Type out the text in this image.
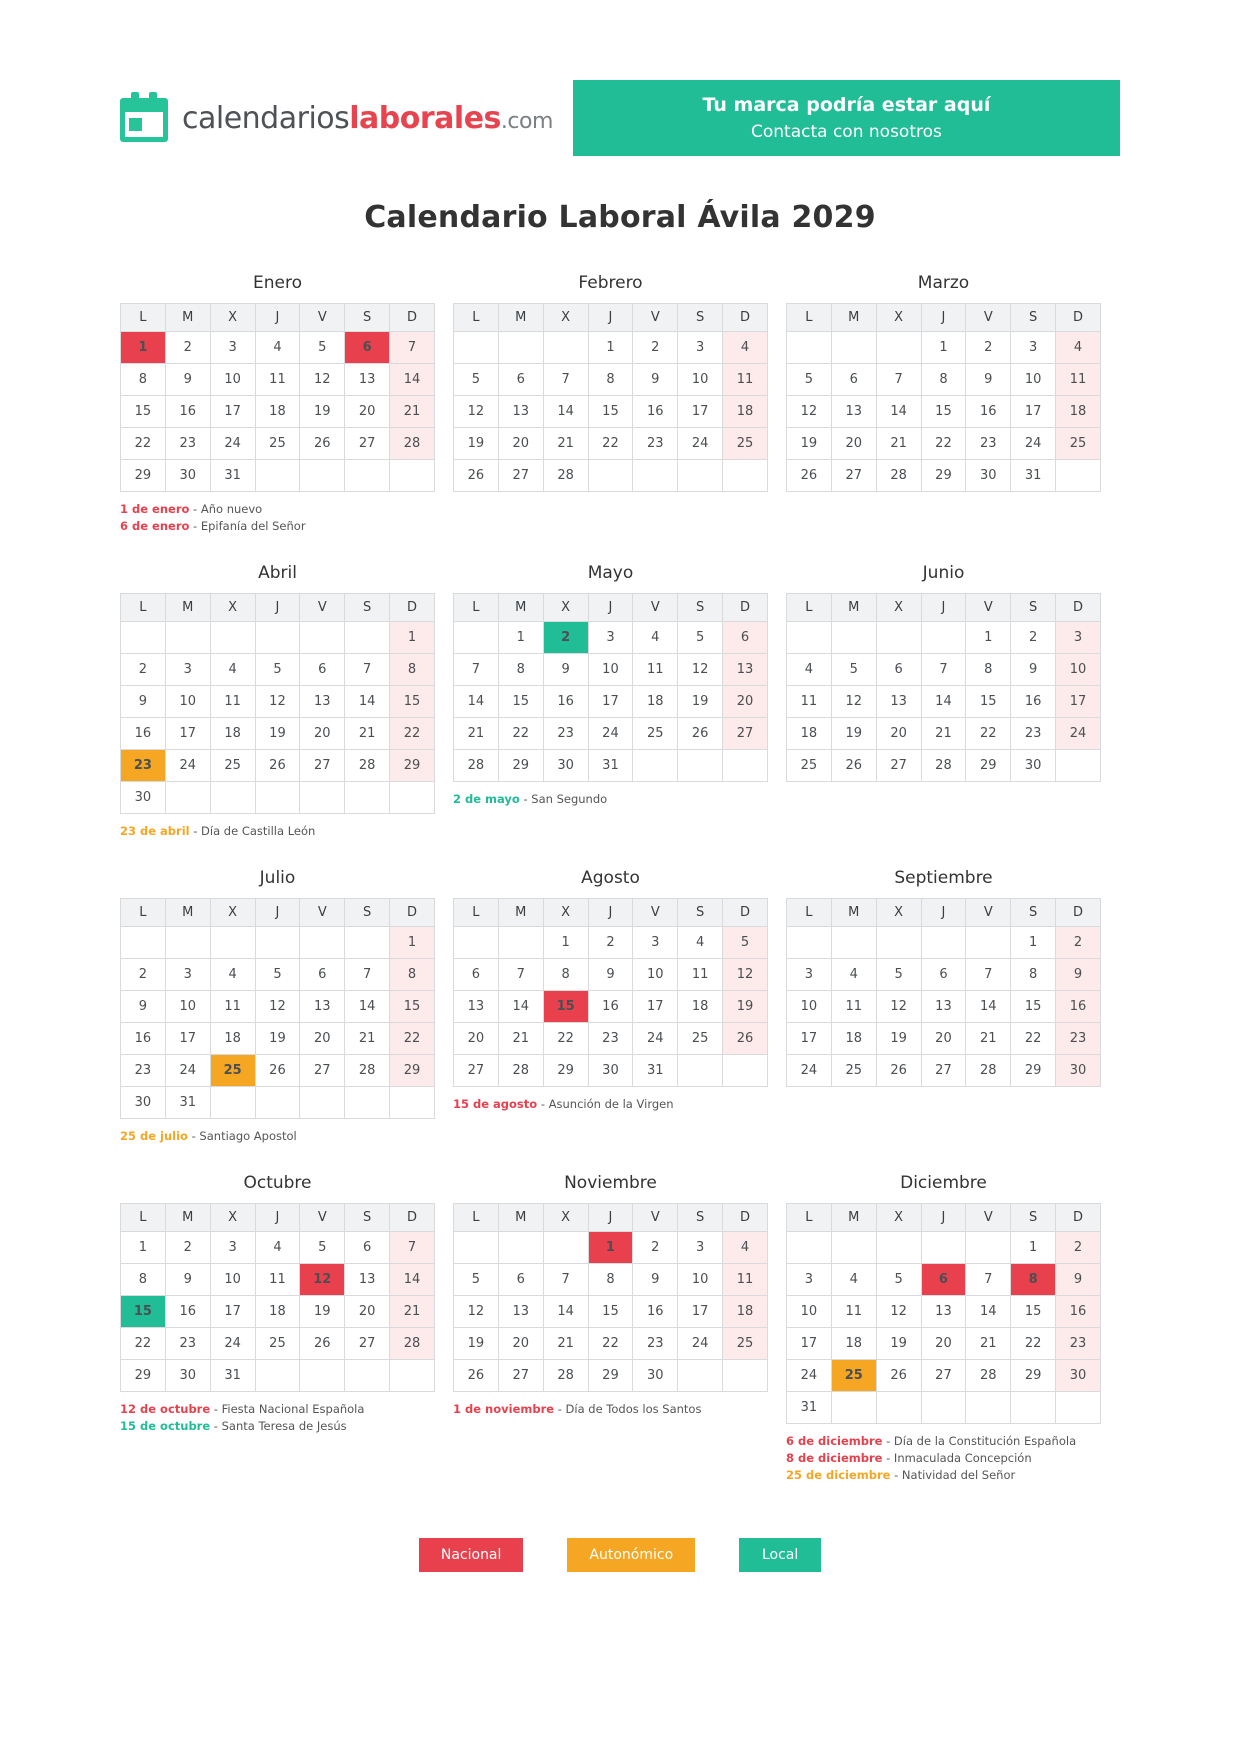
calendarioslaborales.com
Tu marca podría estar aquí
Contacta con nosotros
Calendario Laboral Ávila 2029
Enero
L	M	X	J	V	S	D
1	2	3	4	5	6	7
8	9	10	11	12	13	14
15	16	17	18	19	20	21
22	23	24	25	26	27	28
29	30	31				
1 de enero - Año nuevo
6 de enero - Epifanía del Señor
Febrero
L	M	X	J	V	S	D
			1	2	3	4
5	6	7	8	9	10	11
12	13	14	15	16	17	18
19	20	21	22	23	24	25
26	27	28				
Marzo
L	M	X	J	V	S	D
			1	2	3	4
5	6	7	8	9	10	11
12	13	14	15	16	17	18
19	20	21	22	23	24	25
26	27	28	29	30	31	
Abril
L	M	X	J	V	S	D
						1
2	3	4	5	6	7	8
9	10	11	12	13	14	15
16	17	18	19	20	21	22
23	24	25	26	27	28	29
30						
23 de abril - Día de Castilla León
Mayo
L	M	X	J	V	S	D
	1	2	3	4	5	6
7	8	9	10	11	12	13
14	15	16	17	18	19	20
21	22	23	24	25	26	27
28	29	30	31			
2 de mayo - San Segundo
Junio
L	M	X	J	V	S	D
				1	2	3
4	5	6	7	8	9	10
11	12	13	14	15	16	17
18	19	20	21	22	23	24
25	26	27	28	29	30	
Julio
L	M	X	J	V	S	D
						1
2	3	4	5	6	7	8
9	10	11	12	13	14	15
16	17	18	19	20	21	22
23	24	25	26	27	28	29
30	31					
25 de julio - Santiago Apostol
Agosto
L	M	X	J	V	S	D
		1	2	3	4	5
6	7	8	9	10	11	12
13	14	15	16	17	18	19
20	21	22	23	24	25	26
27	28	29	30	31		
15 de agosto - Asunción de la Virgen
Septiembre
L	M	X	J	V	S	D
					1	2
3	4	5	6	7	8	9
10	11	12	13	14	15	16
17	18	19	20	21	22	23
24	25	26	27	28	29	30
Octubre
L	M	X	J	V	S	D
1	2	3	4	5	6	7
8	9	10	11	12	13	14
15	16	17	18	19	20	21
22	23	24	25	26	27	28
29	30	31				
12 de octubre - Fiesta Nacional Española
15 de octubre - Santa Teresa de Jesús
Noviembre
L	M	X	J	V	S	D
			1	2	3	4
5	6	7	8	9	10	11
12	13	14	15	16	17	18
19	20	21	22	23	24	25
26	27	28	29	30		
1 de noviembre - Día de Todos los Santos
Diciembre
L	M	X	J	V	S	D
					1	2
3	4	5	6	7	8	9
10	11	12	13	14	15	16
17	18	19	20	21	22	23
24	25	26	27	28	29	30
31						
6 de diciembre - Día de la Constitución Española
8 de diciembre - Inmaculada Concepción
25 de diciembre - Natividad del Señor
Nacional	Autonómico	Local
